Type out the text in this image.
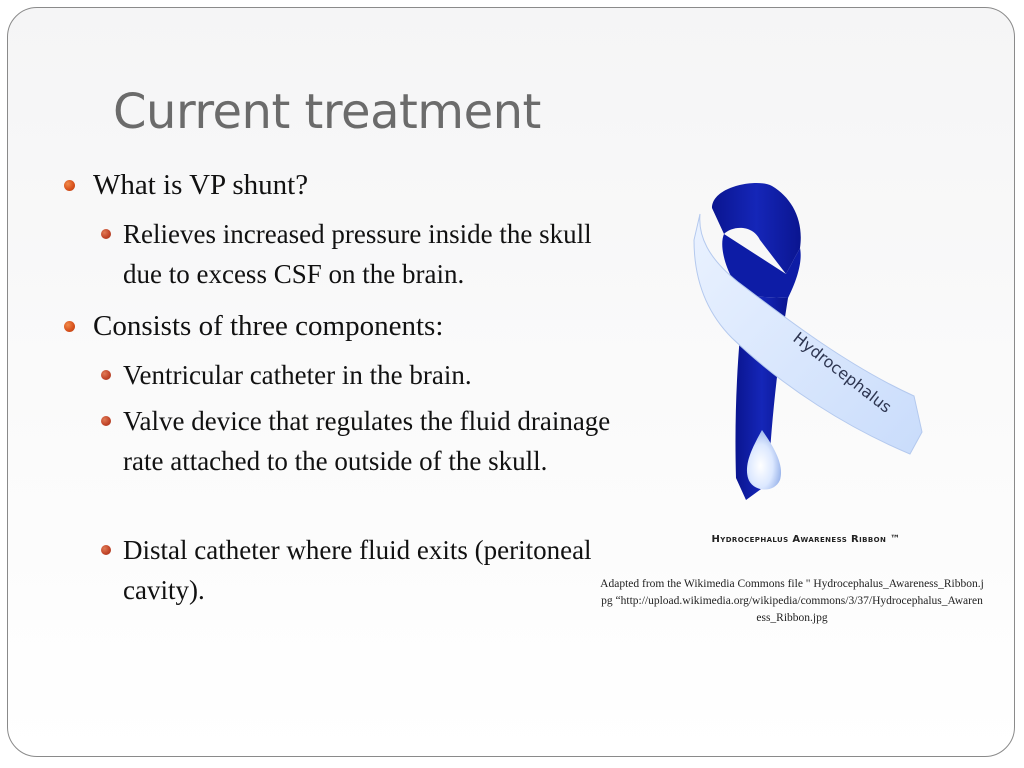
Current treatment
What is VP shunt?
Relieves increased pressure inside the skull due to excess CSF on the brain.
Consists of three components:
Ventricular catheter in the brain.
Valve device that regulates the fluid drainage rate attached to the outside of the skull.
Distal catheter where fluid exits (peritoneal cavity).
Hydrocephalus

Hydrocephalus Awareness Ribbon ™

Adapted from the Wikimedia Commons file " Hydrocephalus_Awareness_Ribbon.jpg “http://upload.wikimedia.org/wikipedia/commons/3/37/Hydrocephalus_Awareness_Ribbon.jpg
